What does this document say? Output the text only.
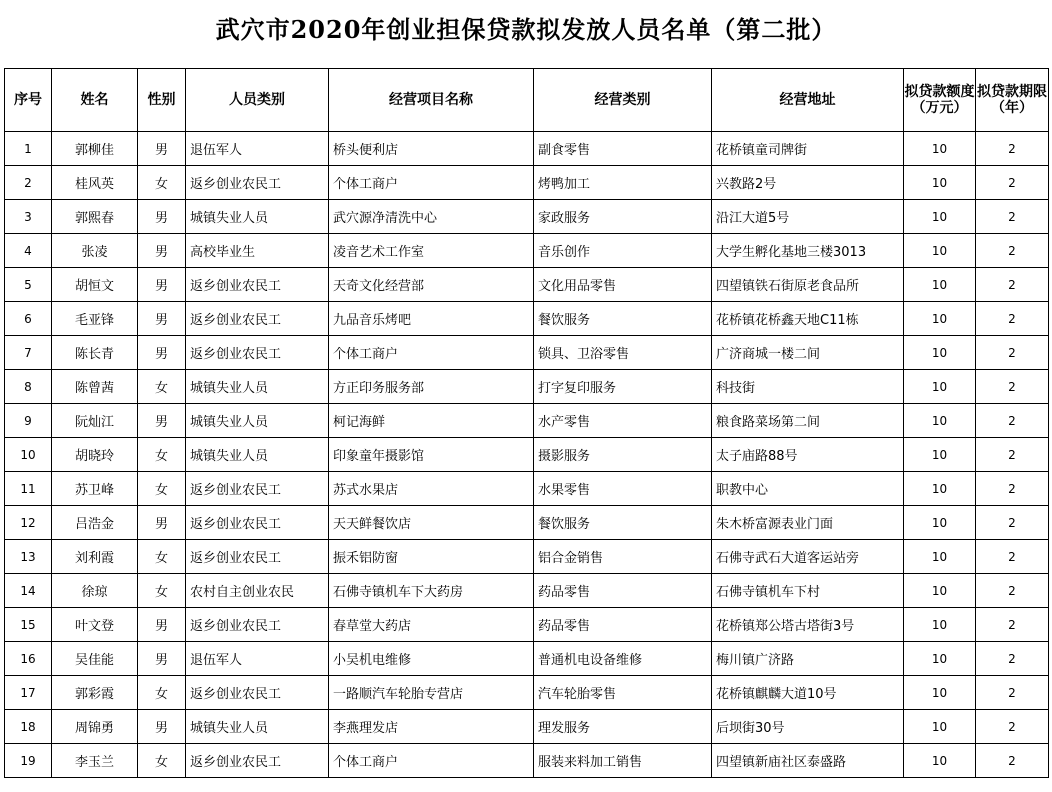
武穴市2020年创业担保贷款拟发放人员名单（第二批）
序号	姓名	性别	人员类别	经营项目名称	经营类别	经营地址	拟贷款额度（万元）	拟贷款期限（年）
1	郭柳佳	男	退伍军人	桥头便利店	副食零售	花桥镇童司牌街	10	2
2	桂风英	女	返乡创业农民工	个体工商户	烤鸭加工	兴教路2号	10	2
3	郭熙春	男	城镇失业人员	武穴源净清洗中心	家政服务	沿江大道5号	10	2
4	张凌	男	高校毕业生	凌音艺术工作室	音乐创作	大学生孵化基地三楼3013	10	2
5	胡恒文	男	返乡创业农民工	天奇文化经营部	文化用品零售	四望镇铁石街原老食品所	10	2
6	毛亚锋	男	返乡创业农民工	九品音乐烤吧	餐饮服务	花桥镇花桥鑫天地C11栋	10	2
7	陈长青	男	返乡创业农民工	个体工商户	锁具、卫浴零售	广济商城一楼二间	10	2
8	陈曾茜	女	城镇失业人员	方正印务服务部	打字复印服务	科技街	10	2
9	阮灿江	男	城镇失业人员	柯记海鲜	水产零售	粮食路菜场第二间	10	2
10	胡晓玲	女	城镇失业人员	印象童年摄影馆	摄影服务	太子庙路88号	10	2
11	苏卫峰	女	返乡创业农民工	苏式水果店	水果零售	职教中心	10	2
12	吕浩金	男	返乡创业农民工	天天鲜餐饮店	餐饮服务	朱木桥富源表业门面	10	2
13	刘利霞	女	返乡创业农民工	振禾铝防窗	铝合金销售	石佛寺武石大道客运站旁	10	2
14	徐琼	女	农村自主创业农民	石佛寺镇机车下大药房	药品零售	石佛寺镇机车下村	10	2
15	叶文登	男	返乡创业农民工	春草堂大药店	药品零售	花桥镇郑公塔古塔街3号	10	2
16	吴佳能	男	退伍军人	小吴机电维修	普通机电设备维修	梅川镇广济路	10	2
17	郭彩霞	女	返乡创业农民工	一路顺汽车轮胎专营店	汽车轮胎零售	花桥镇麒麟大道10号	10	2
18	周锦勇	男	城镇失业人员	李燕理发店	理发服务	后坝街30号	10	2
19	李玉兰	女	返乡创业农民工	个体工商户	服装来料加工销售	四望镇新庙社区泰盛路	10	2
